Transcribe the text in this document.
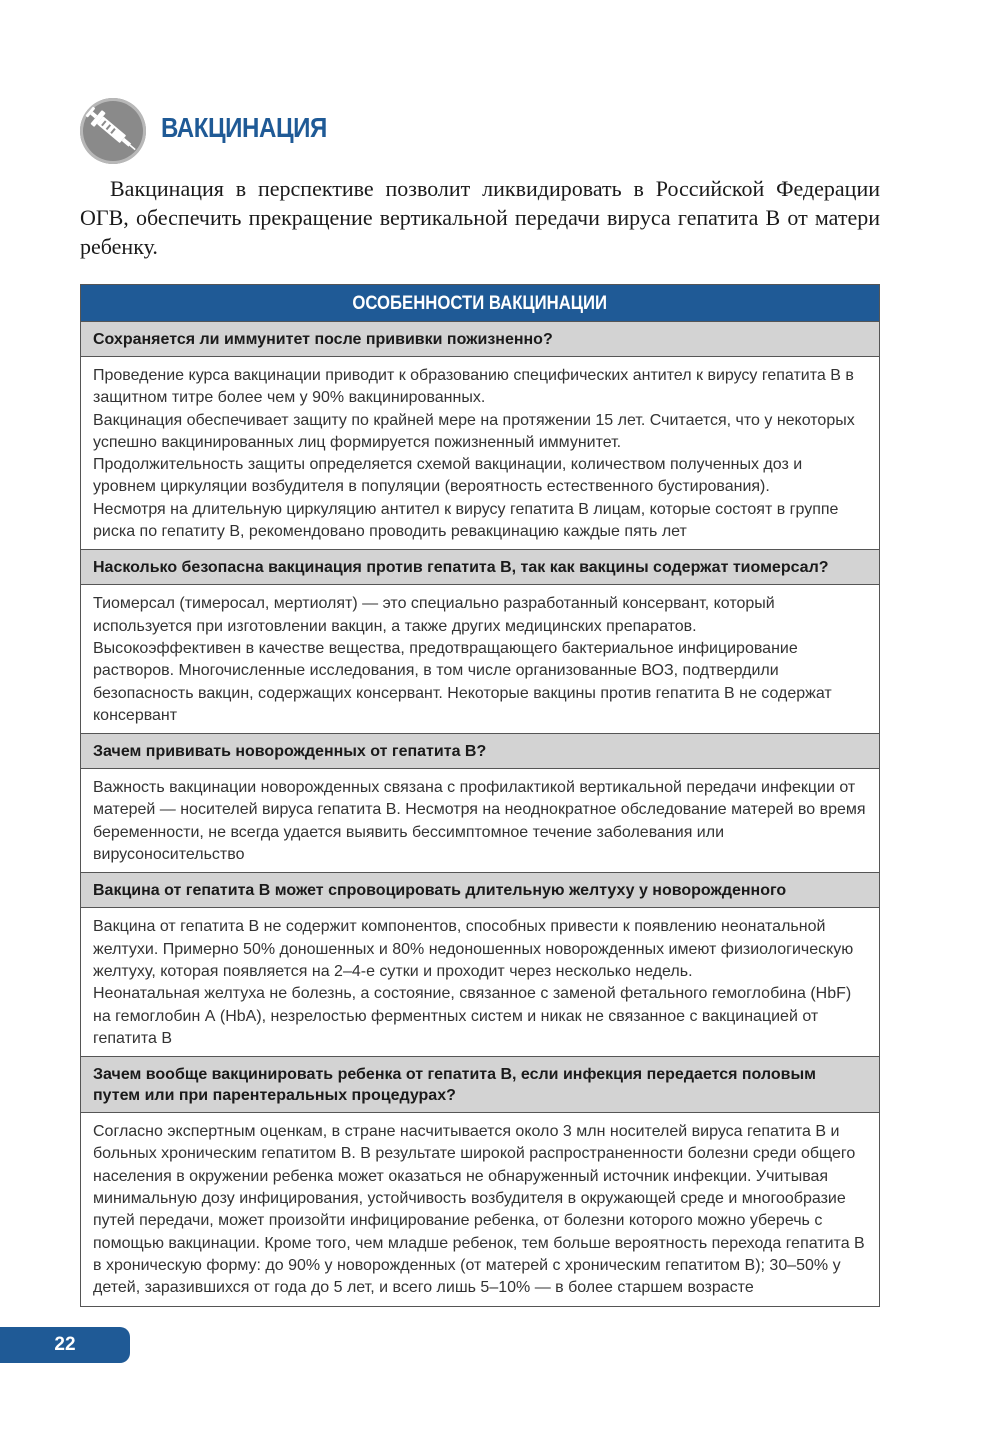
ВАКЦИНАЦИЯ

Вакцинация в перспективе позволит ликвидировать в Российской Федерации ОГВ, обеспечить прекращение вертикальной передачи вируса гепатита В от матери ребенку.

ОСОБЕННОСТИ ВАКЦИНАЦИИ
Сохраняется ли иммунитет после прививки пожизненно?

Проведение курса вакцинации приводит к образованию специфических антител к вирусу гепатита В в защитном титре более чем у 90% вакцинированных.

Вакцинация обеспечивает защиту по крайней мере на протяжении 15 лет. Считается, что у некоторых успешно вакцинированных лиц формируется пожизненный иммунитет.

Продолжительность защиты определяется схемой вакцинации, количеством полученных доз и уровнем циркуляции возбудителя в популяции (вероятность естественного бустирования).

Несмотря на длительную циркуляцию антител к вирусу гепатита В лицам, которые состоят в группе риска по гепатиту В, рекомендовано проводить ревакцинацию каждые пять лет

Насколько безопасна вакцинация против гепатита В, так как вакцины содержат тиомерсал?

Тиомерсал (тимеросал, мертиолят) — это специально разработанный консервант, который используется при изготовлении вакцин, а также других медицинских препаратов.

Высокоэффективен в качестве вещества, предотвращающего бактериальное инфицирование растворов. Многочисленные исследования, в том числе организованные ВОЗ, подтвердили безопасность вакцин, содержащих консервант. Некоторые вакцины против гепатита В не содержат консервант

Зачем прививать новорожденных от гепатита В?

Важность вакцинации новорожденных связана с профилактикой вертикальной передачи инфекции от матерей — носителей вируса гепатита В. Несмотря на неоднократное обследование матерей во время беременности, не всегда удается выявить бессимптомное течение заболевания или вирусоносительство

Вакцина от гепатита В может спровоцировать длительную желтуху у новорожденного

Вакцина от гепатита В не содержит компонентов, способных привести к появлению неонатальной желтухи. Примерно 50% доношенных и 80% недоношенных новорожденных имеют физиологическую желтуху, которая появляется на 2–4-е сутки и проходит через несколько недель.

Неонатальная желтуха не болезнь, а состояние, связанное с заменой фетального гемоглобина (HbF) на гемоглобин А (HbA), незрелостью ферментных систем и никак не связанное с вакцинацией от гепатита В

Зачем вообще вакцинировать ребенка от гепатита В, если инфекция передается половым путем или при парентеральных процедурах?

Согласно экспертным оценкам, в стране насчитывается около 3 млн носителей вируса гепатита В и больных хроническим гепатитом В. В результате широкой распространенности болезни среди общего населения в окружении ребенка может оказаться не обнаруженный источник инфекции. Учитывая минимальную дозу инфицирования, устойчивость возбудителя в окружающей среде и многообразие путей передачи, может произойти инфицирование ребенка, от болезни которого можно уберечь с помощью вакцинации. Кроме того, чем младше ребенок, тем больше вероятность перехода гепатита В в хроническую форму: до 90% у новорожденных (от матерей с хроническим гепатитом В); 30–50% у детей, заразившихся от года до 5 лет, и всего лишь 5–10% — в более старшем возрасте

22
